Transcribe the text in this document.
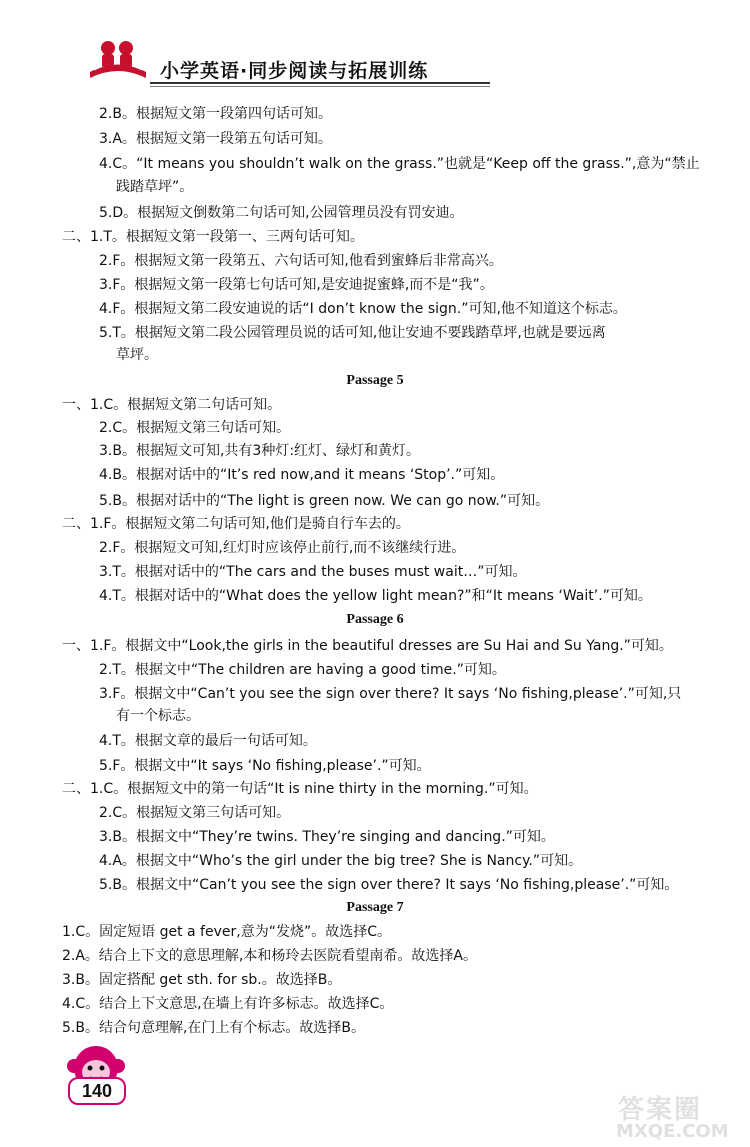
小学英语·同步阅读与拓展训练
2.B。根据短文第一段第四句话可知。
3.A。根据短文第一段第五句话可知。
4.C。“It means you shouldn’t walk on the grass.”也就是“Keep off the grass.”,意为“禁止
践踏草坪”。
5.D。根据短文倒数第二句话可知,公园管理员没有罚安迪。
二、1.T。根据短文第一段第一、三两句话可知。
2.F。根据短文第一段第五、六句话可知,他看到蜜蜂后非常高兴。
3.F。根据短文第一段第七句话可知,是安迪捉蜜蜂,而不是“我”。
4.F。根据短文第二段安迪说的话“I don’t know the sign.”可知,他不知道这个标志。
5.T。根据短文第二段公园管理员说的话可知,他让安迪不要践踏草坪,也就是要远离
草坪。
Passage 5
一、1.C。根据短文第二句话可知。
2.C。根据短文第三句话可知。
3.B。根据短文可知,共有3种灯:红灯、绿灯和黄灯。
4.B。根据对话中的“It’s red now,and it means ‘Stop’.”可知。
5.B。根据对话中的“The light is green now. We can go now.”可知。
二、1.F。根据短文第二句话可知,他们是骑自行车去的。
2.F。根据短文可知,红灯时应该停止前行,而不该继续行进。
3.T。根据对话中的“The cars and the buses must wait…”可知。
4.T。根据对话中的“What does the yellow light mean?”和“It means ‘Wait’.”可知。
Passage 6
一、1.F。根据文中“Look,the girls in the beautiful dresses are Su Hai and Su Yang.”可知。
2.T。根据文中“The children are having a good time.”可知。
3.F。根据文中“Can’t you see the sign over there? It says ‘No fishing,please’.”可知,只
有一个标志。
4.T。根据文章的最后一句话可知。
5.F。根据文中“It says ‘No fishing,please’.”可知。
二、1.C。根据短文中的第一句话“It is nine thirty in the morning.”可知。
2.C。根据短文第三句话可知。
3.B。根据文中“They’re twins. They’re singing and dancing.”可知。
4.A。根据文中“Who’s the girl under the big tree? She is Nancy.”可知。
5.B。根据文中“Can’t you see the sign over there? It says ‘No fishing,please’.”可知。
Passage 7
1.C。固定短语 get a fever,意为“发烧”。故选择C。
2.A。结合上下文的意思理解,本和杨玲去医院看望南希。故选择A。
3.B。固定搭配 get sth. for sb.。故选择B。
4.C。结合上下文意思,在墙上有许多标志。故选择C。
5.B。结合句意理解,在门上有个标志。故选择B。
140
答案圈
MXQE.COM
